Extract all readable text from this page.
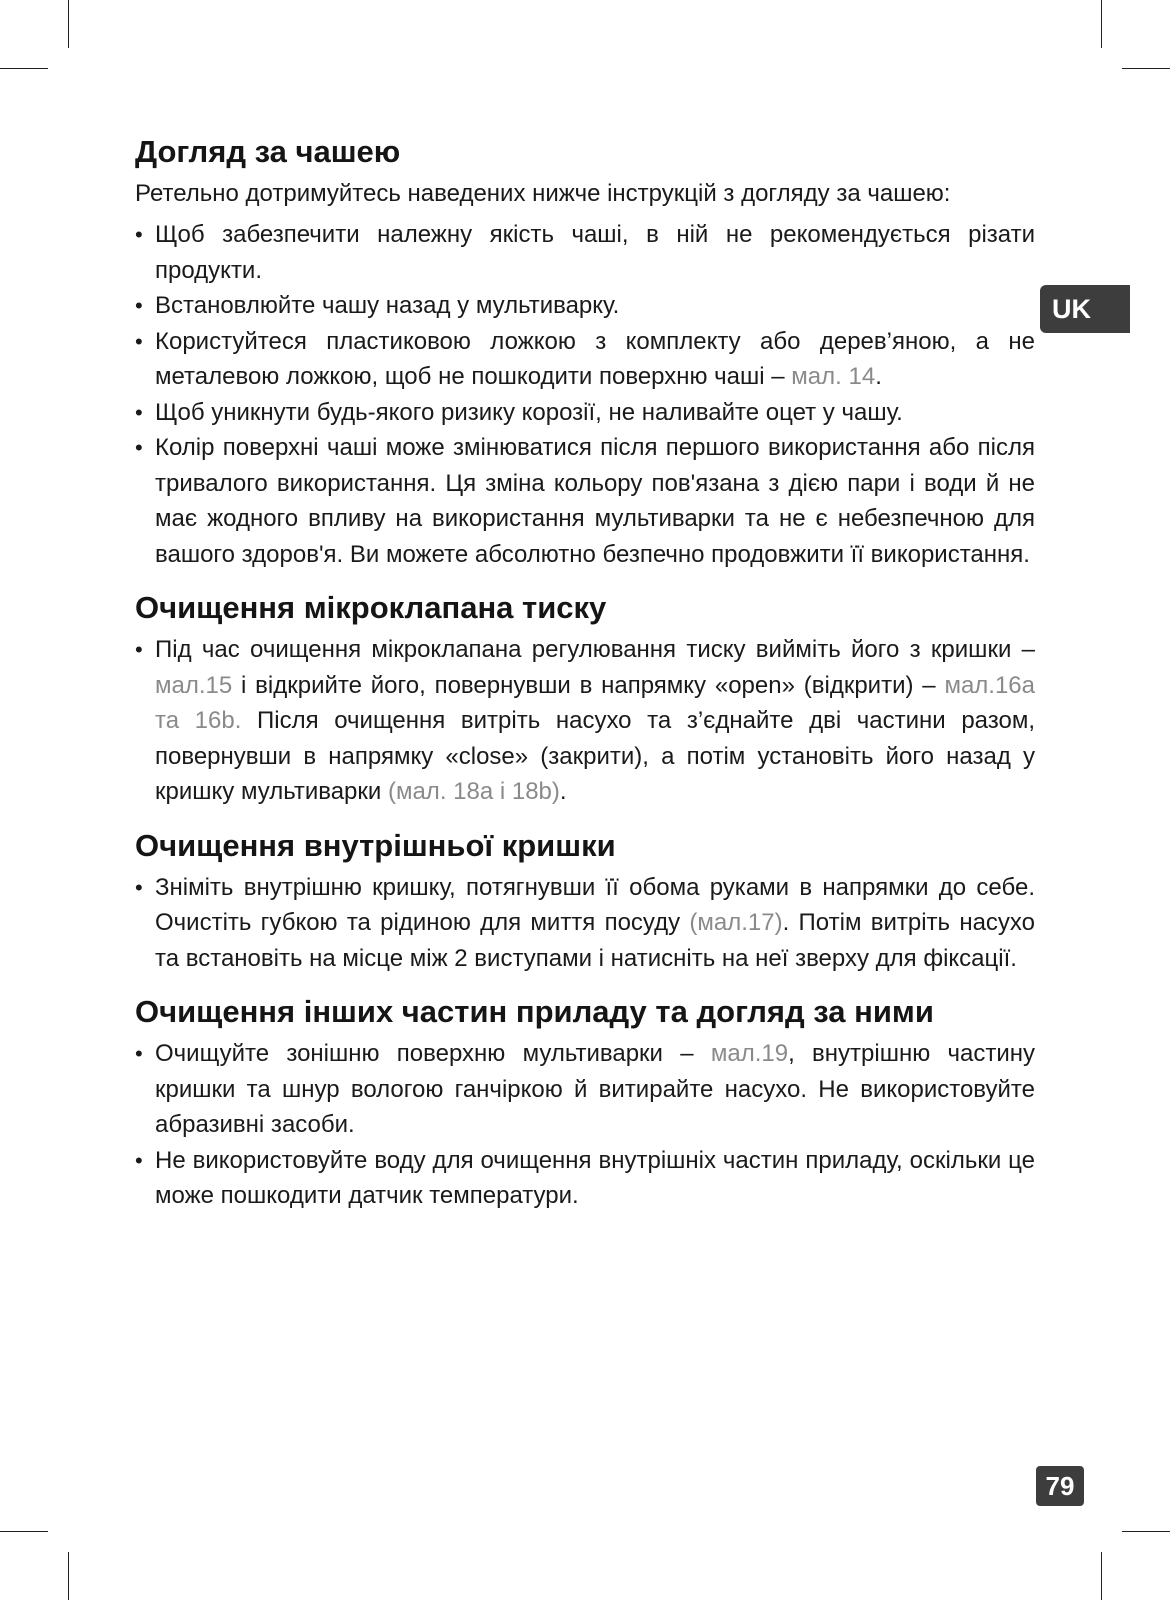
UK
Догляд за чашею

Ретельно дотримуйтесь наведених нижче інструкцій з догляду за чашею:

• Щоб забезпечити належну якість чаші, в ній не рекомендується різати продукти.
• Встановлюйте чашу назад у мультиварку.
• Користуйтеся пластиковою ложкою з комплекту або дерев’яною, а не металевою ложкою, щоб не пошкодити поверхню чаші – мал. 14.
• Щоб уникнути будь-якого ризику корозії, не наливайте оцет у чашу.
• Колір поверхні чаші може змінюватися після першого використання або після тривалого використання. Ця зміна кольору пов'язана з дією пари і води й не має жодного впливу на використання мультиварки та не є небезпечною для вашого здоров'я. Ви можете абсолютно безпечно продовжити її використання.
Очищення мікроклапана тиску
• Під час очищення мікроклапана регулювання тиску вийміть його з кришки – мал.15 і відкрийте його, повернувши в напрямку «open» (відкрити) – мал.16a та 16b. Після очищення витріть насухо та з’єднайте дві частини разом, повернувши в напрямку «close» (закрити), а потім установіть його назад у кришку мультиварки (мал. 18a і 18b).
Очищення внутрішньої кришки
• Зніміть внутрішню кришку, потягнувши її обома руками в напрямки до себе. Очистіть губкою та рідиною для миття посуду (мал.17). Потім витріть насухо та встановіть на місце між 2 виступами і натисніть на неї зверху для фіксації.
Очищення інших частин приладу та догляд за ними
• Очищуйте зонішню поверхню мультиварки – мал.19, внутрішню частину кришки та шнур вологою ганчіркою й витирайте насухо. Не використовуйте абразивні засоби.
• Не використовуйте воду для очищення внутрішніх частин приладу, оскільки це може пошкодити датчик температури.
79
